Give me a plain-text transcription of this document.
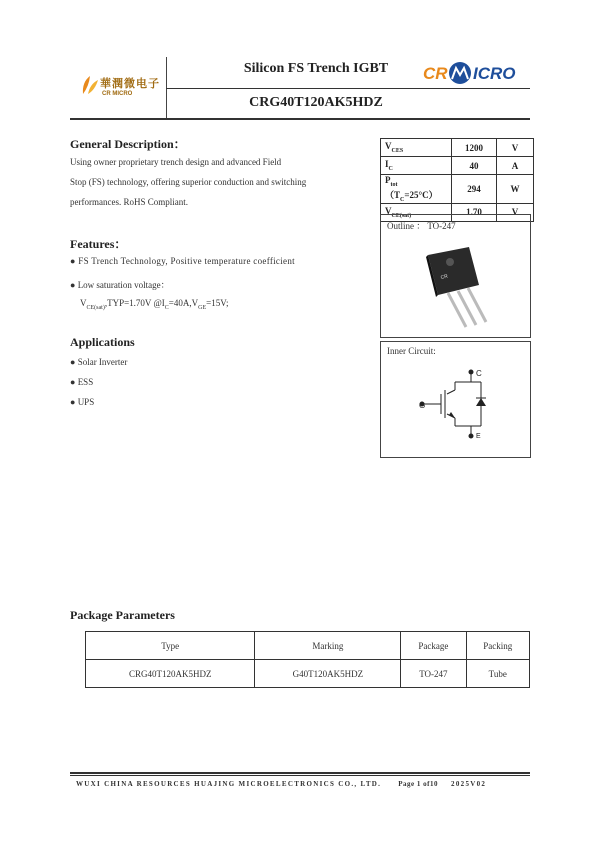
華潤微电子
CR MICRO
Silicon FS Trench IGBT
CRG40T120AK5HDZ
CR ICRO
General Description：
Using owner proprietary trench design and advanced Field
Stop (FS) technology, offering superior conduction and switching
performances. RoHS Compliant.
$V_{CES}$	1200	V
$I_C$	40	A
$P_{tot}(T_C=25^\circ C)$	294	W
$V_{CE(sat)}$	1.70	V
Features：
● FS Trench Technology, Positive temperature coefficient
● Low saturation voltage：
$V_{CE(sat)},TYP=1.70V$ $@I_C=40A,V_{GE}=15V$;
Outline ： TO-247
CR
Inner Circuit:
C
G
E
Applications
● Solar Inverter
● ESS
● UPS
Package Parameters
Type	Marking	Package	Packing
CRG40T120AK5HDZ	G40T120AK5HDZ	TO-247	Tube
WUXI CHINA RESOURCES HUAJING MICROELECTRONICS CO., LTD. Page 1 of10 2025V02
